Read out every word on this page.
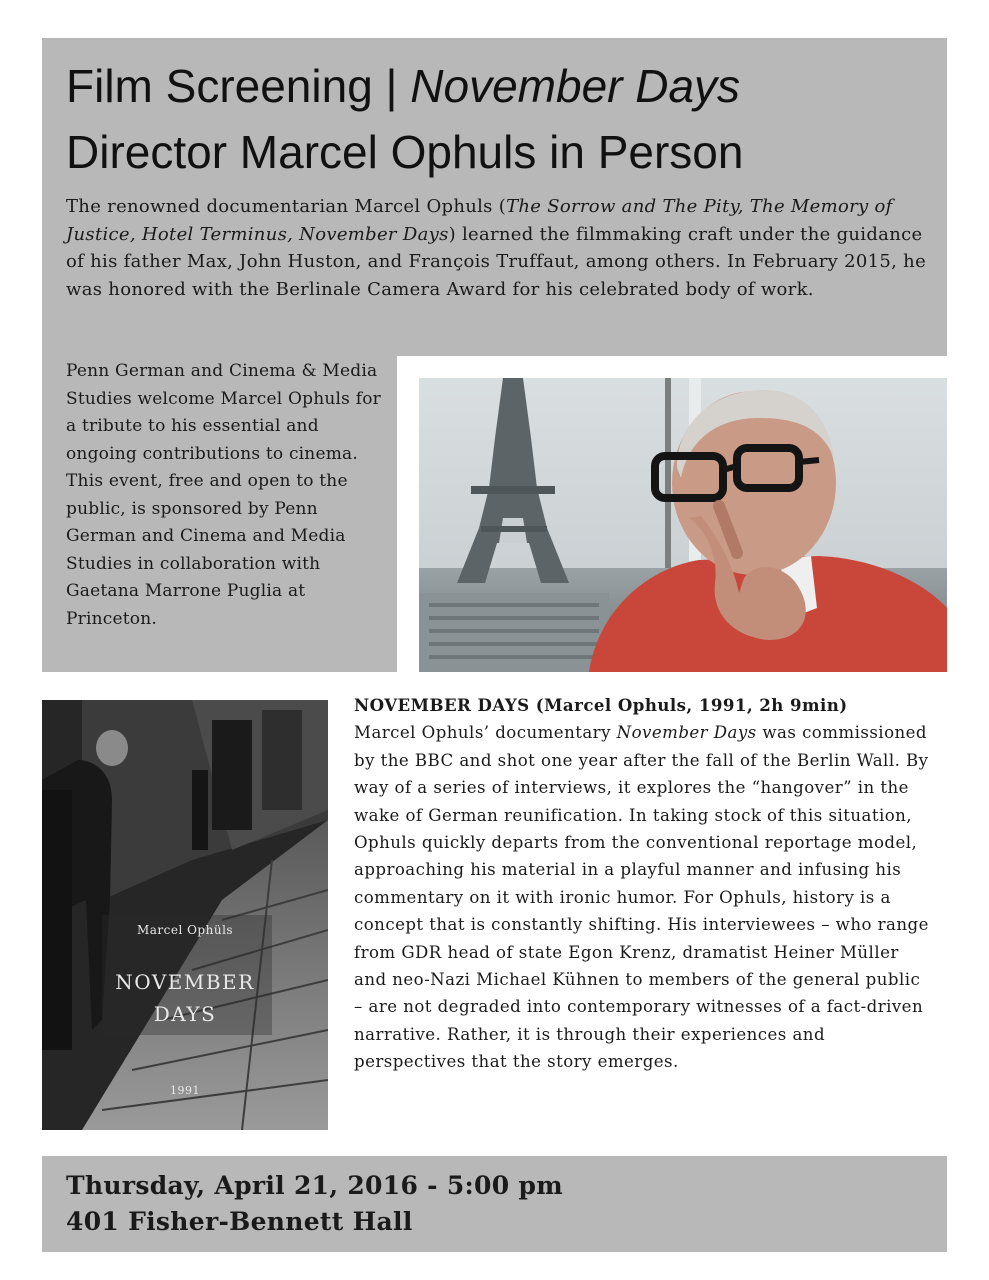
Film Screening | November Days
Director Marcel Ophuls in Person
The renowned documentarian Marcel Ophuls (The Sorrow and The Pity, The Memory of Justice, Hotel Terminus, November Days) learned the filmmaking craft under the guidance of his father Max, John Huston, and François Truffaut, among others. In February 2015, he was honored with the Berlinale Camera Award for his celebrated body of work.
Penn German and Cinema & Media Studies welcome Marcel Ophuls for a tribute to his essential and ongoing contributions to cinema.
This event, free and open to the public, is sponsored by Penn German and Cinema and Media Studies in collaboration with Gaetana Marrone Puglia at Princeton.
Marcel Ophüls
NOVEMBER
DAYS
1991
NOVEMBER DAYS (Marcel Ophuls, 1991, 2h 9min)
Marcel Ophuls’ documentary November Days was commissioned by the BBC and shot one year after the fall of the Berlin Wall. By way of a series of interviews, it explores the “hangover” in the wake of German reunification. In taking stock of this situation, Ophuls quickly departs from the conventional reportage model, approaching his material in a playful manner and infusing his commentary on it with ironic humor. For Ophuls, history is a concept that is constantly shifting. His interviewees – who range from GDR head of state Egon Krenz, dramatist Heiner Müller and neo-Nazi Michael Kühnen to members of the general public – are not degraded into contemporary witnesses of a fact-driven narrative. Rather, it is through their experiences and perspectives that the story emerges.
Thursday, April 21, 2016 - 5:00 pm
401 Fisher-Bennett Hall
